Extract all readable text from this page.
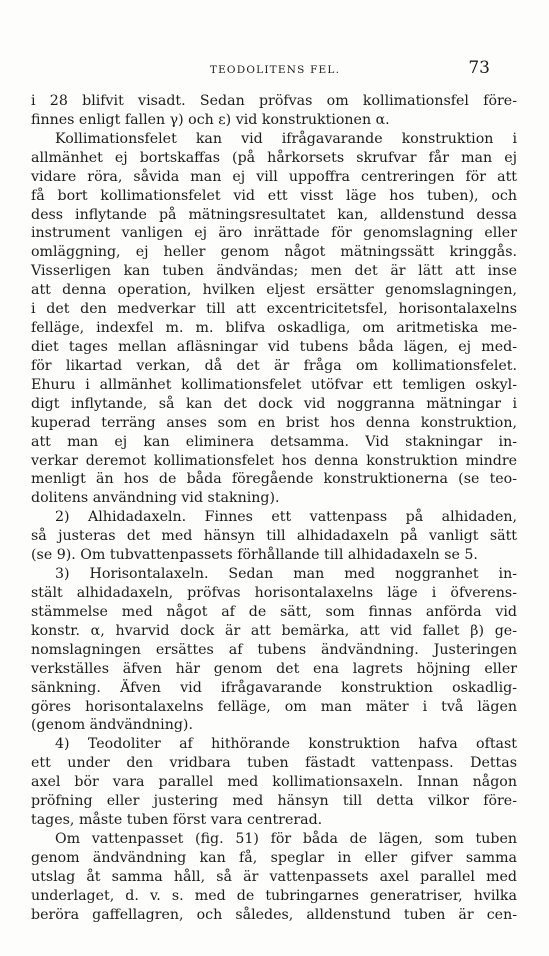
TEODOLITENS FEL.	73
i 28 blifvit visadt. Sedan pröfvas om kollimationsfel före-
finnes enligt fallen γ) och ε) vid konstruktionen α.
Kollimationsfelet kan vid ifrågavarande konstruktion i
allmänhet ej bortskaffas (på hårkorsets skrufvar får man ej
vidare röra, såvida man ej vill uppoffra centreringen för att
få bort kollimationsfelet vid ett visst läge hos tuben), och
dess inflytande på mätningsresultatet kan, alldenstund dessa
instrument vanligen ej äro inrättade för genomslagning eller
omläggning, ej heller genom något mätningssätt kringgås.
Visserligen kan tuben ändvändas; men det är lätt att inse
att denna operation, hvilken eljest ersätter genomslagningen,
i det den medverkar till att excentricitetsfel, horisontalaxelns
felläge, indexfel m. m. blifva oskadliga, om aritmetiska me-
diet tages mellan afläsningar vid tubens båda lägen, ej med-
för likartad verkan, då det är fråga om kollimationsfelet.
Ehuru i allmänhet kollimationsfelet utöfvar ett temligen oskyl-
digt inflytande, så kan det dock vid noggranna mätningar i
kuperad terräng anses som en brist hos denna konstruktion,
att man ej kan eliminera detsamma. Vid stakningar in-
verkar deremot kollimationsfelet hos denna konstruktion mindre
menligt än hos de båda föregående konstruktionerna (se teo-
dolitens användning vid stakning).
2) Alhidadaxeln. Finnes ett vattenpass på alhidaden,
så justeras det med hänsyn till alhidadaxeln på vanligt sätt
(se 9). Om tubvattenpassets förhållande till alhidadaxeln se 5.
3) Horisontalaxeln. Sedan man med noggranhet in-
stält alhidadaxeln, pröfvas horisontalaxelns läge i öfverens-
stämmelse med något af de sätt, som finnas anförda vid
konstr. α, hvarvid dock är att bemärka, att vid fallet β) ge-
nomslagningen ersättes af tubens ändvändning. Justeringen
verkställes äfven här genom det ena lagrets höjning eller
sänkning. Äfven vid ifrågavarande konstruktion oskadlig-
göres horisontalaxelns felläge, om man mäter i två lägen
(genom ändvändning).
4) Teodoliter af hithörande konstruktion hafva oftast
ett under den vridbara tuben fästadt vattenpass. Dettas
axel bör vara parallel med kollimationsaxeln. Innan någon
pröfning eller justering med hänsyn till detta vilkor före-
tages, måste tuben först vara centrerad.
Om vattenpasset (fig. 51) för båda de lägen, som tuben
genom ändvändning kan få, speglar in eller gifver samma
utslag åt samma håll, så är vattenpassets axel parallel med
underlaget, d. v. s. med de tubringarnes generatriser, hvilka
beröra gaffellagren, och således, alldenstund tuben är cen-
